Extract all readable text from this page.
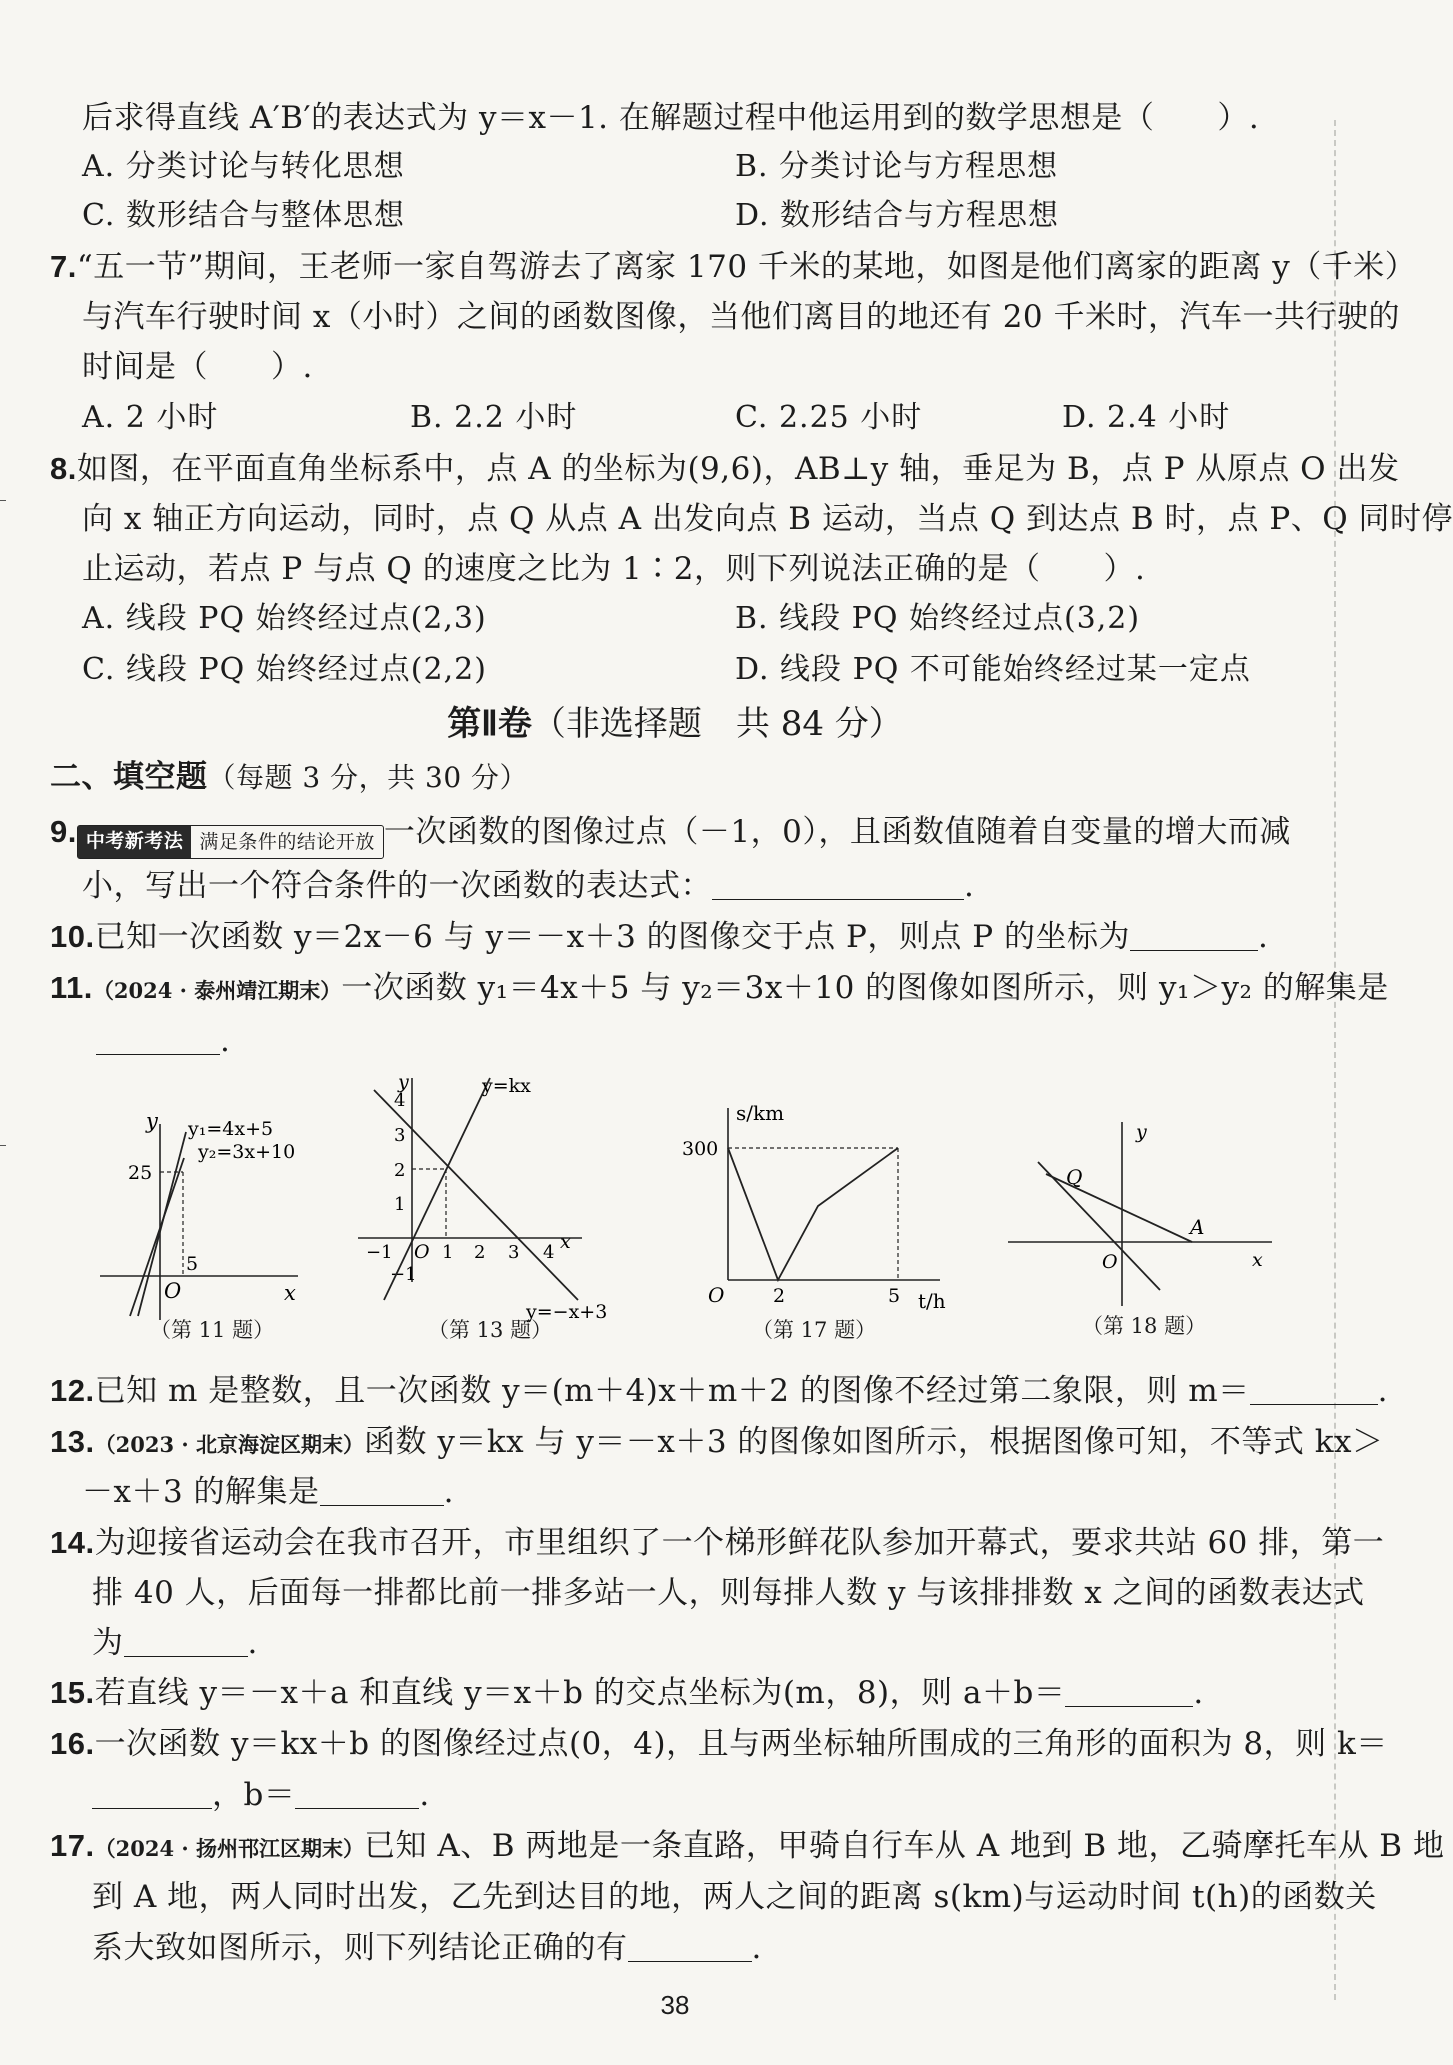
后求得直线 A′B′的表达式为 y＝x－1. 在解题过程中他运用到的数学思想是（　　）.
A. 分类讨论与转化思想	B. 分类讨论与方程思想
C. 数形结合与整体思想	D. 数形结合与方程思想
7.“五一节”期间，王老师一家自驾游去了离家 170 千米的某地，如图是他们离家的距离 y（千米）
与汽车行驶时间 x（小时）之间的函数图像，当他们离目的地还有 20 千米时，汽车一共行驶的
时间是（　　）.
A. 2 小时	B. 2.2 小时	C. 2.25 小时	D. 2.4 小时
8.如图，在平面直角坐标系中，点 A 的坐标为(9,6)，AB⊥y 轴，垂足为 B，点 P 从原点 O 出发
向 x 轴正方向运动，同时，点 Q 从点 A 出发向点 B 运动，当点 Q 到达点 B 时，点 P、Q 同时停
止运动，若点 P 与点 Q 的速度之比为 1∶2，则下列说法正确的是（　　）.
A. 线段 PQ 始终经过点(2,3)	B. 线段 PQ 始终经过点(3,2)
C. 线段 PQ 始终经过点(2,2)	D. 线段 PQ 不可能始终经过某一定点
第Ⅱ卷（非选择题　共 84 分）
二、填空题（每题 3 分，共 30 分）
9. 中考新考法 满足条件的结论开放 一次函数的图像过点（－1，0），且函数值随着自变量的增大而减
小，写出一个符合条件的一次函数的表达式：	.
10.已知一次函数 y＝2x－6 与 y＝－x＋3 的图像交于点 P，则点 P 的坐标为	.
11.（2024 · 泰州靖江期末）一次函数 y₁＝4x＋5 与 y₂＝3x＋10 的图像如图所示，则 y₁＞y₂ 的解集是
.
y
x
O
y₁=4x+5
y₂=3x+10
25
5
（第 11 题）
y
x
O
−1	1 2 3 4
4
3
2
1
−1
y=kx
y=−x+3
（第 13 题）
s/km
t/h
O
300
2	5
（第 17 题）
y
x
O
Q
A
（第 18 题）
12.已知 m 是整数，且一次函数 y＝(m＋4)x＋m＋2 的图像不经过第二象限，则 m＝	.
13.（2023 · 北京海淀区期末）函数 y＝kx 与 y＝－x＋3 的图像如图所示，根据图像可知，不等式 kx＞
－x＋3 的解集是	.
14.为迎接省运动会在我市召开，市里组织了一个梯形鲜花队参加开幕式，要求共站 60 排，第一
排 40 人，后面每一排都比前一排多站一人，则每排人数 y 与该排排数 x 之间的函数表达式
为	.
15.若直线 y＝－x＋a 和直线 y＝x＋b 的交点坐标为(m，8)，则 a＋b＝	.
16.一次函数 y＝kx＋b 的图像经过点(0，4)，且与两坐标轴所围成的三角形的面积为 8，则 k＝
，b＝	.
17.（2024 · 扬州邗江区期末）已知 A、B 两地是一条直路，甲骑自行车从 A 地到 B 地，乙骑摩托车从 B 地
到 A 地，两人同时出发，乙先到达目的地，两人之间的距离 s(km)与运动时间 t(h)的函数关
系大致如图所示，则下列结论正确的有	.
38
